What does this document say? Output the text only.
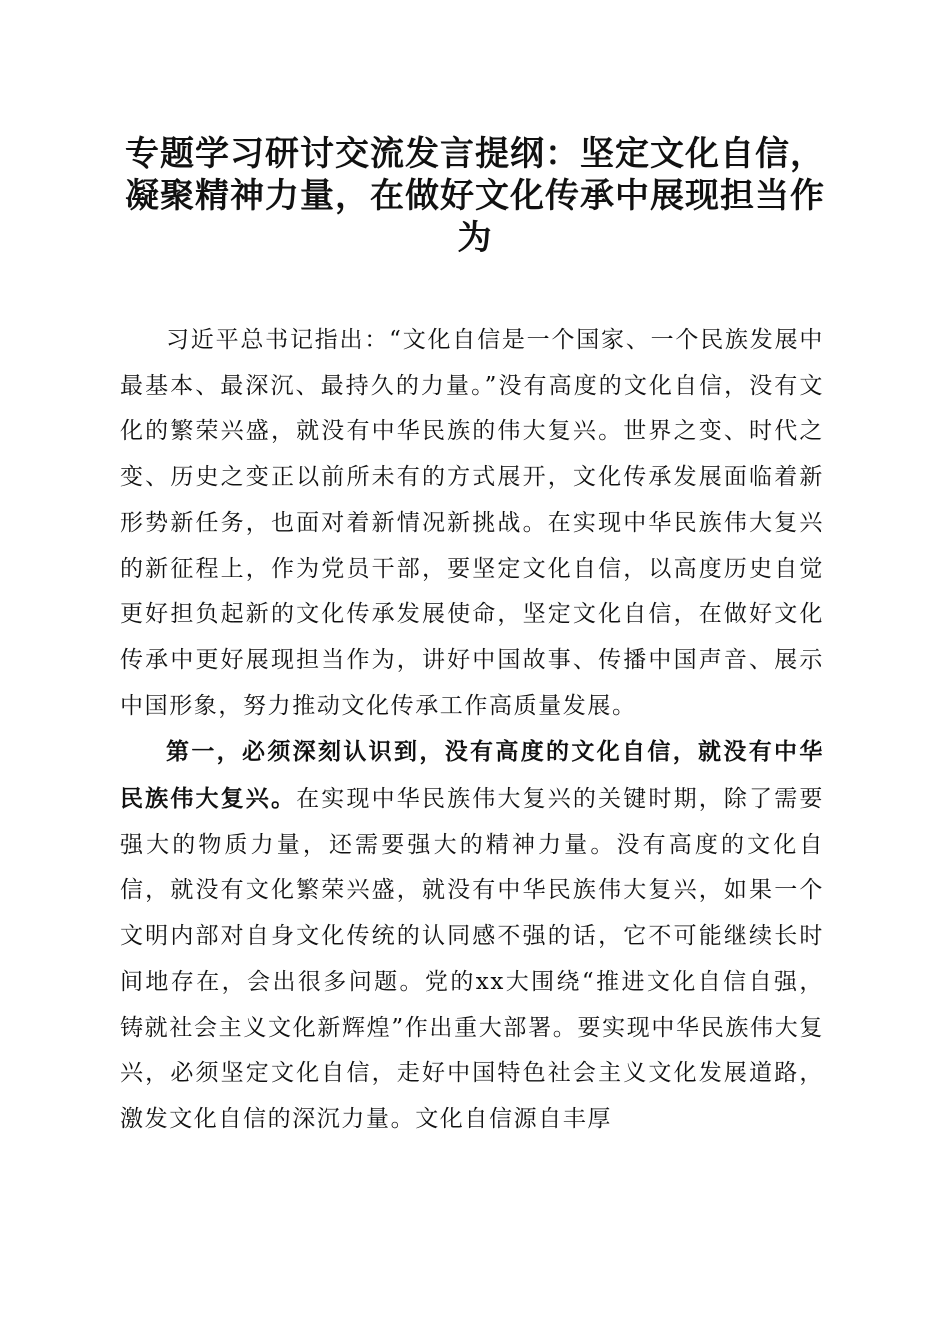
专题学习研讨交流发言提纲：坚定文化自信，凝聚精神力量，在做好文化传承中展现担当作为

习近平总书记指出：“文化自信是一个国家、一个民族发展中最基本、最深沉、最持久的力量。”没有高度的文化自信，没有文化的繁荣兴盛，就没有中华民族的伟大复兴。世界之变、时代之变、历史之变正以前所未有的方式展开，文化传承发展面临着新形势新任务，也面对着新情况新挑战。在实现中华民族伟大复兴的新征程上，作为党员干部，要坚定文化自信，以高度历史自觉更好担负起新的文化传承发展使命，坚定文化自信，在做好文化传承中更好展现担当作为，讲好中国故事、传播中国声音、展示中国形象，努力推动文化传承工作高质量发展。

第一，必须深刻认识到，没有高度的文化自信，就没有中华民族伟大复兴。在实现中华民族伟大复兴的关键时期，除了需要强大的物质力量，还需要强大的精神力量。没有高度的文化自信，就没有文化繁荣兴盛，就没有中华民族伟大复兴，如果一个文明内部对自身文化传统的认同感不强的话，它不可能继续长时间地存在，会出很多问题。党的xx大围绕“推进文化自信自强，铸就社会主义文化新辉煌”作出重大部署。要实现中华民族伟大复兴，必须坚定文化自信，走好中国特色社会主义文化发展道路，激发文化自信的深沉力量。文化自信源自丰厚
